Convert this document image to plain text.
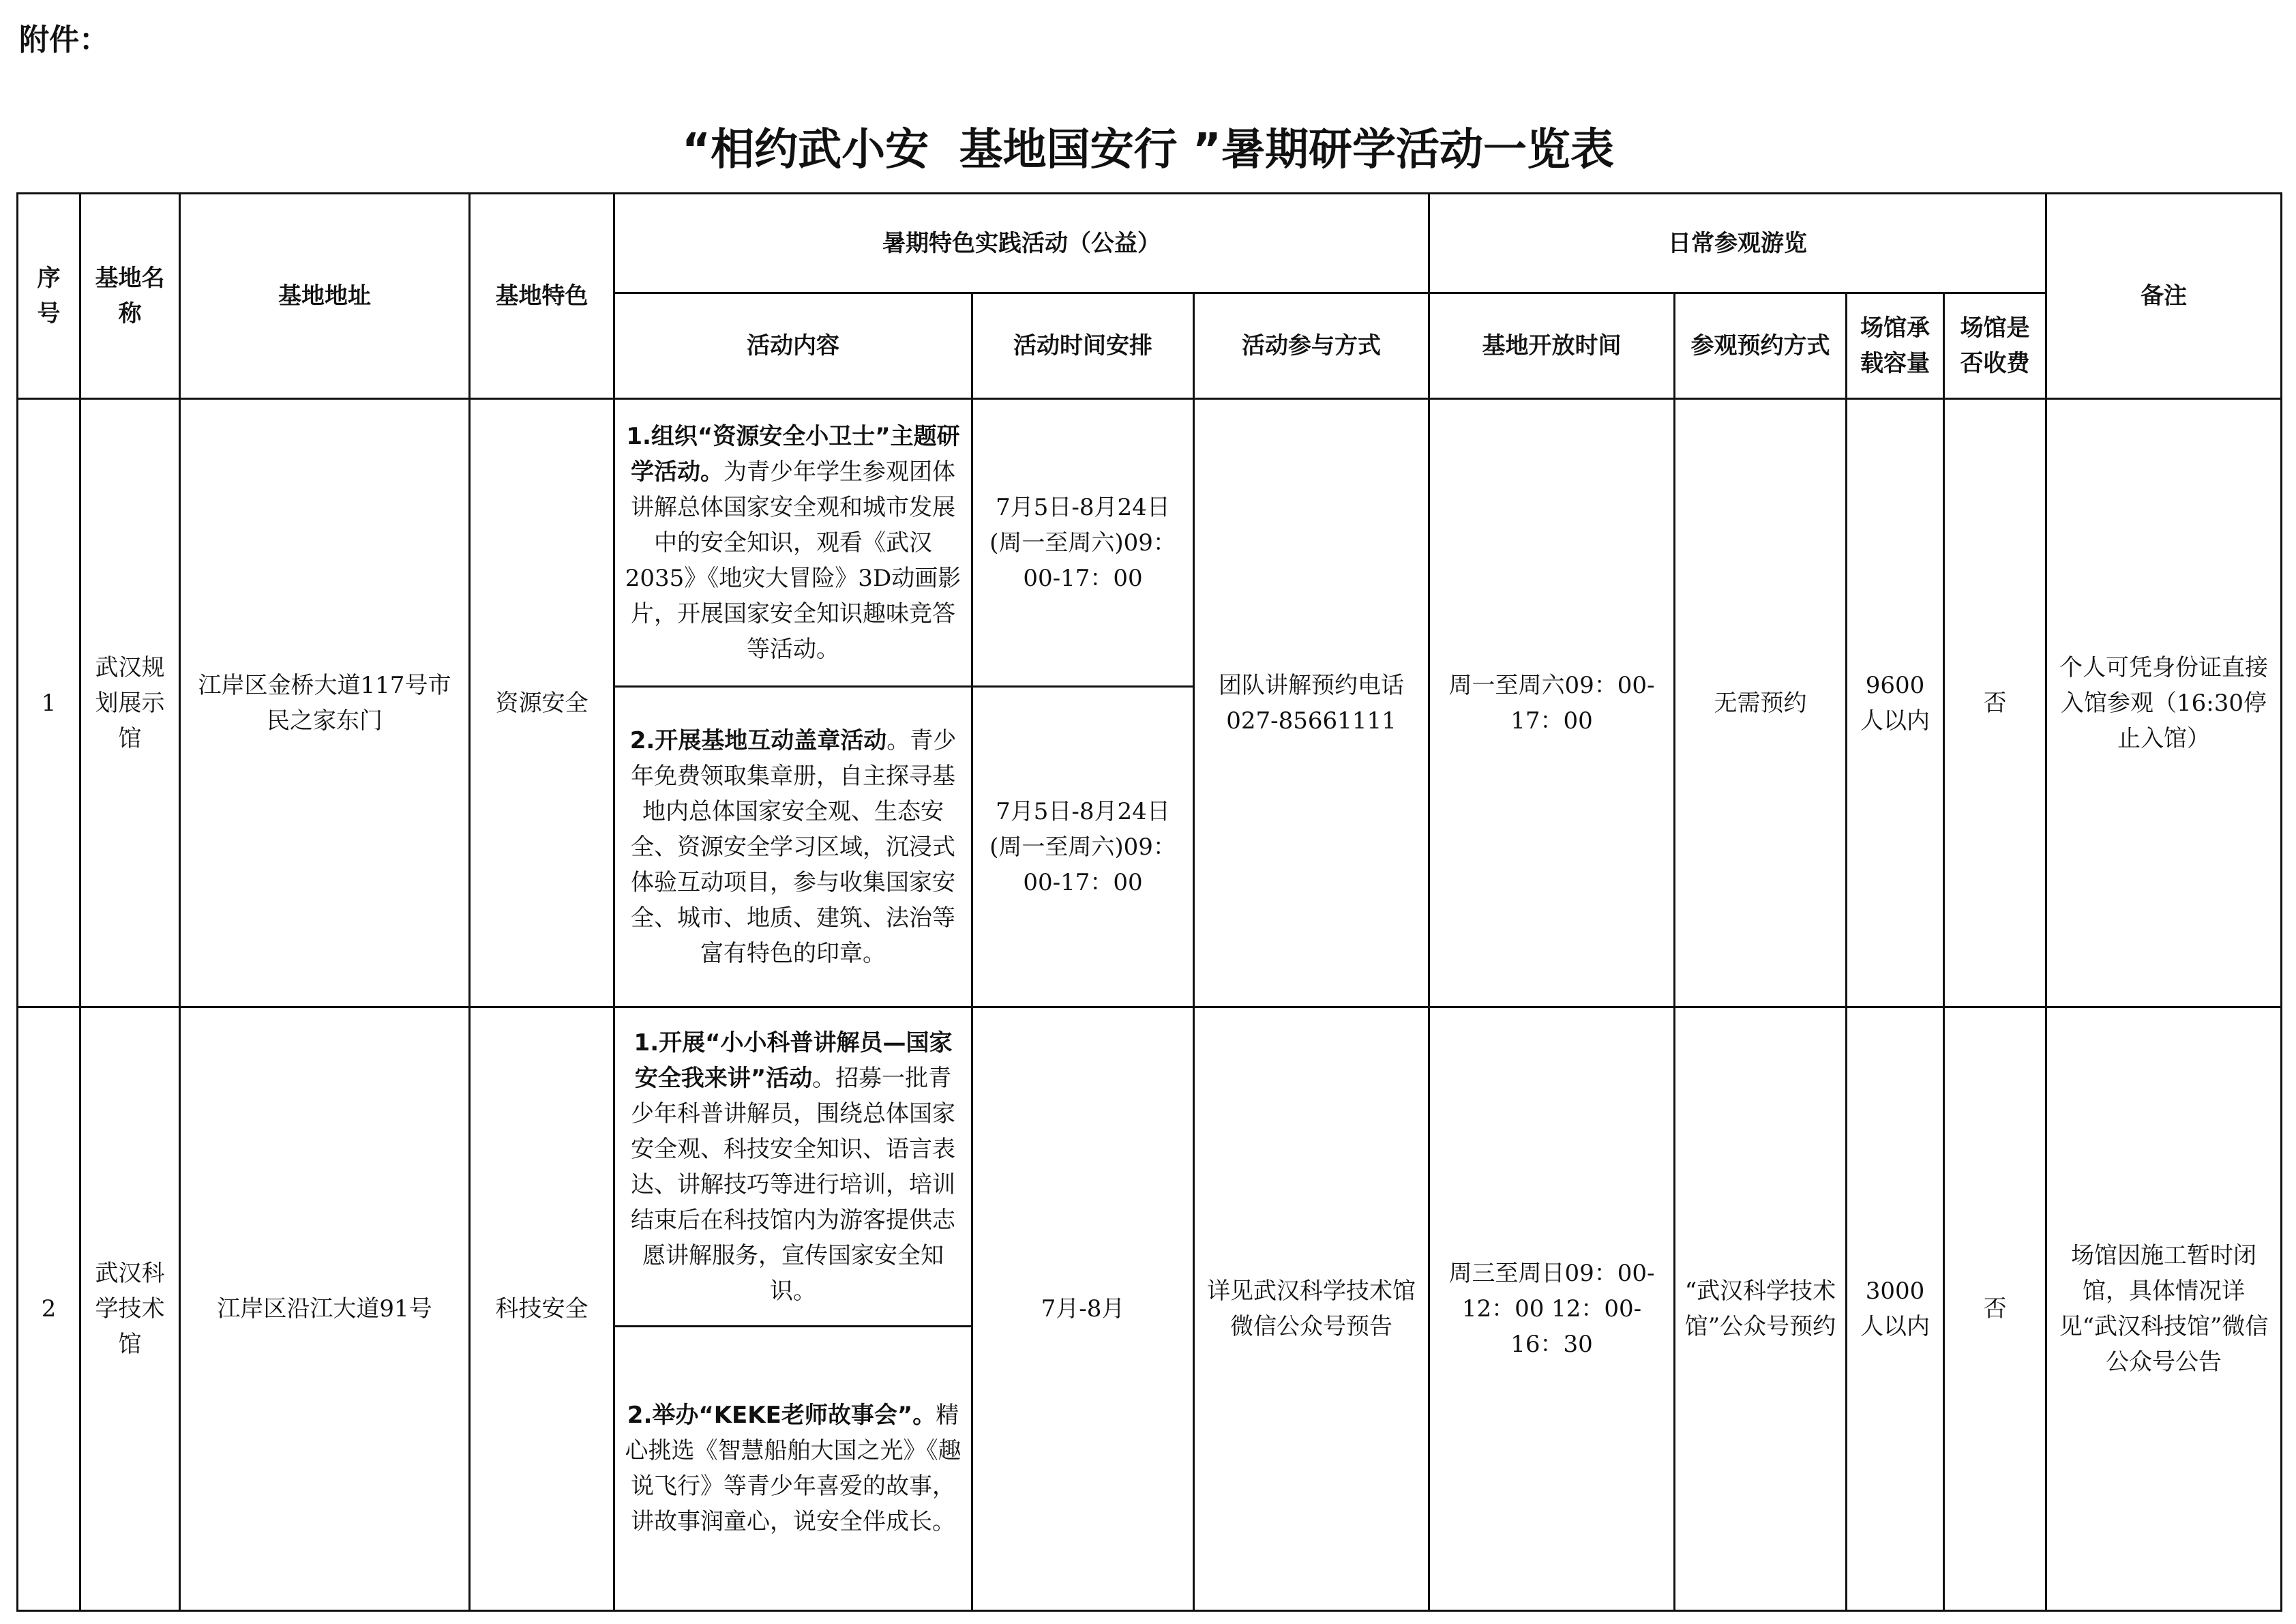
附件：
“相约武小安  基地国安行 ”暑期研学活动一览表
序号	基地名称	基地地址	基地特色	暑期特色实践活动（公益）			日常参观游览				备注
				活动内容	活动时间安排	活动参与方式	基地开放时间	参观预约方式	场馆承载容量	场馆是否收费	
1	武汉规划展示馆	江岸区金桥大道117号市民之家东门	资源安全	1.组织“资源安全小卫士”主题研学活动。为青少年学生参观团体讲解总体国家安全观和城市发展中的安全知识，观看《武汉2035》《地灾大冒险》3D动画影片，开展国家安全知识趣味竞答等活动。	7月5日-8月24日(周一至周六)09：00-17：00	团队讲解预约电话027-85661111	周一至周六09：00-17：00	无需预约	9600人以内	否	个人可凭身份证直接入馆参观（16:30停止入馆）
				2.开展基地互动盖章活动。青少年免费领取集章册，自主探寻基地内总体国家安全观、生态安全、资源安全学习区域，沉浸式体验互动项目，参与收集国家安全、城市、地质、建筑、法治等富有特色的印章。	7月5日-8月24日(周一至周六)09：00-17：00						
2	武汉科学技术馆	江岸区沿江大道91号	科技安全	1.开展“小小科普讲解员—国家安全我来讲”活动。招募一批青少年科普讲解员，围绕总体国家安全观、科技安全知识、语言表达、讲解技巧等进行培训，培训结束后在科技馆内为游客提供志愿讲解服务，宣传国家安全知识。	7月-8月	详见武汉科学技术馆微信公众号预告	周三至周日09：00-12：00 12：00-16：30	“武汉科学技术馆”公众号预约	3000人以内	否	场馆因施工暂时闭馆，具体情况详见“武汉科技馆”微信公众号公告
				2.举办“KEKE老师故事会”。精心挑选《智慧船舶大国之光》《趣说飞行》等青少年喜爱的故事，讲故事润童心，说安全伴成长。							
